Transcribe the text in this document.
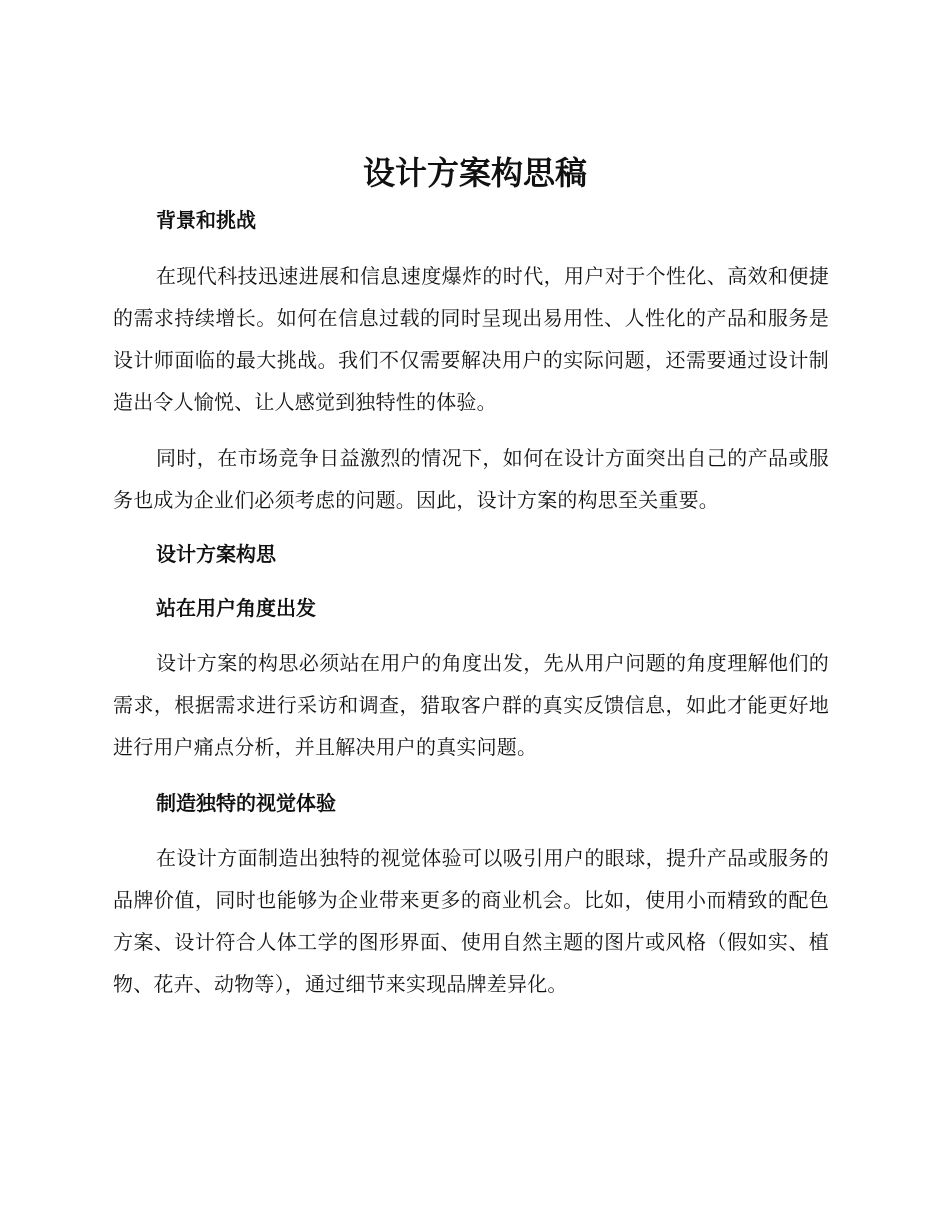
设计方案构思稿
背景和挑战

在现代科技迅速进展和信息速度爆炸的时代，用户对于个性化、高效和便捷的需求持续增长。如何在信息过载的同时呈现出易用性、人性化的产品和服务是设计师面临的最大挑战。我们不仅需要解决用户的实际问题，还需要通过设计制造出令人愉悦、让人感觉到独特性的体验。

同时，在市场竞争日益激烈的情况下，如何在设计方面突出自己的产品或服务也成为企业们必须考虑的问题。因此，设计方案的构思至关重要。

设计方案构思
站在用户角度出发

设计方案的构思必须站在用户的角度出发，先从用户问题的角度理解他们的需求，根据需求进行采访和调查，猎取客户群的真实反馈信息，如此才能更好地进行用户痛点分析，并且解决用户的真实问题。

制造独特的视觉体验

在设计方面制造出独特的视觉体验可以吸引用户的眼球，提升产品或服务的品牌价值，同时也能够为企业带来更多的商业机会。比如，使用小而精致的配色方案、设计符合人体工学的图形界面、使用自然主题的图片或风格（假如实、植物、花卉、动物等），通过细节来实现品牌差异化。
